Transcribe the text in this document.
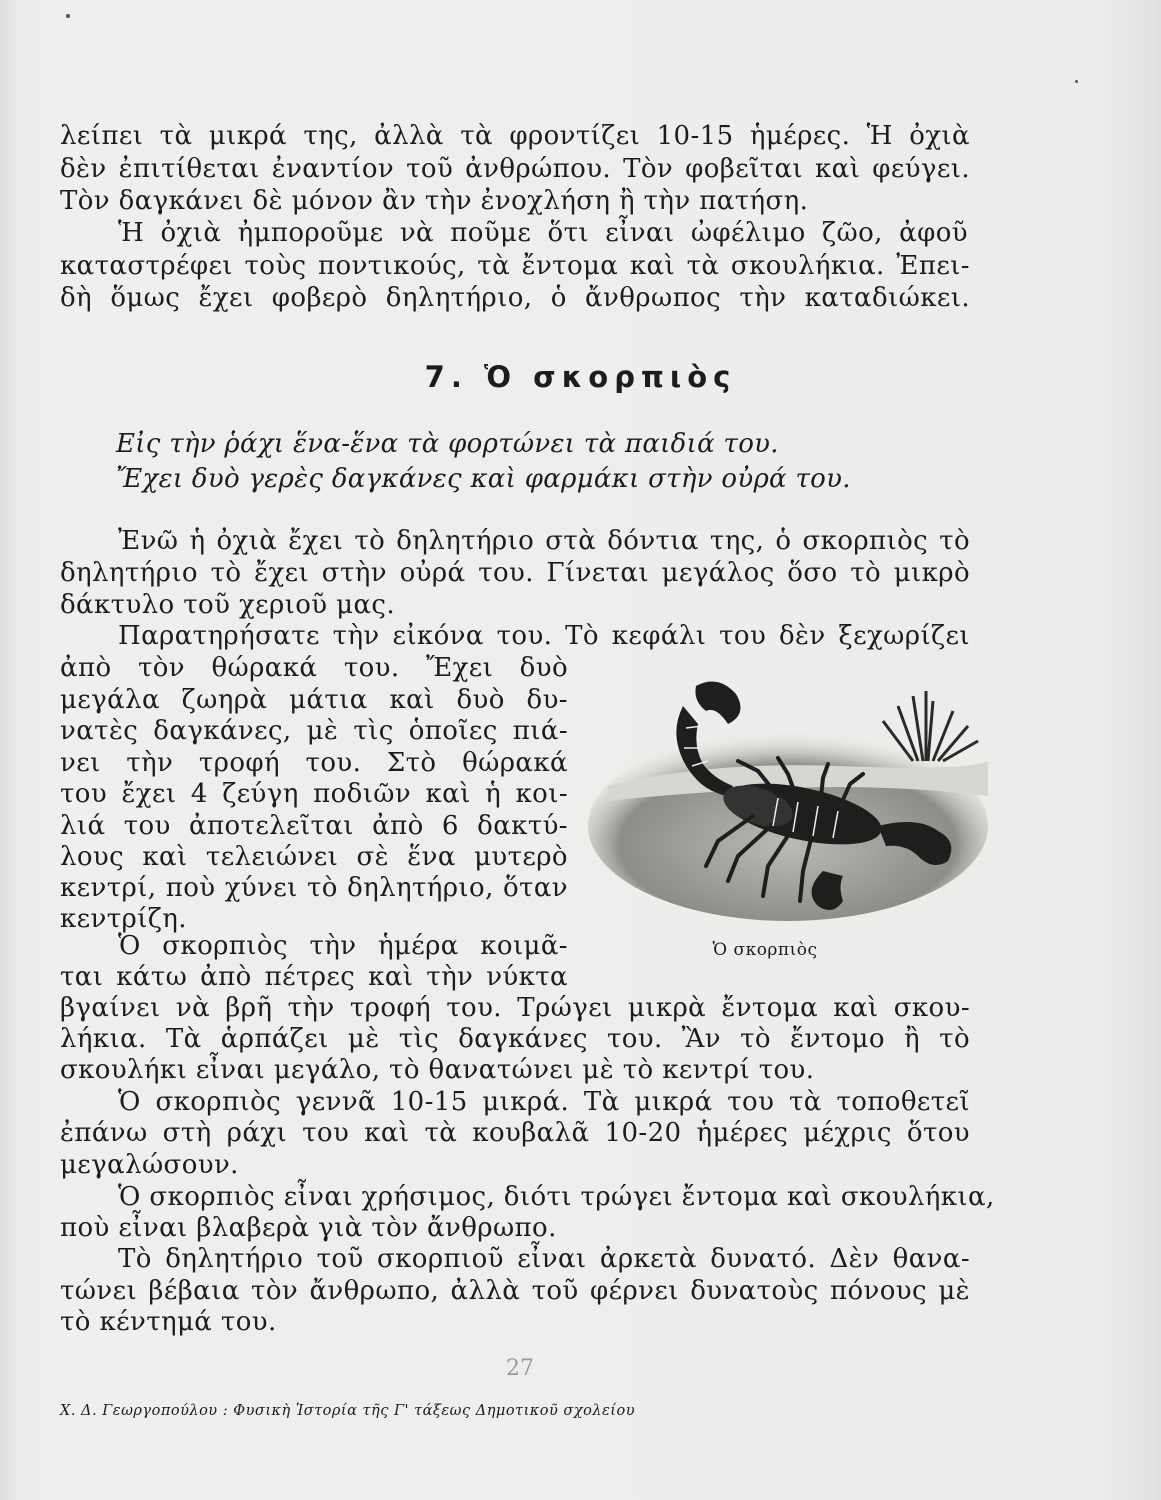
λείπει τὰ μικρά της, ἀλλὰ τὰ φροντίζει 10-15 ἡμέρες. Ἡ ὀχιὰ
δὲν ἐπιτίθεται ἐναντίον τοῦ ἀνθρώπου. Τὸν φοβεῖται καὶ φεύγει.
Τὸν δαγκάνει δὲ μόνον ἂν τὴν ἐνοχλήση ἢ τὴν πατήση.
Ἡ ὀχιὰ ἠμποροῦμε νὰ ποῦμε ὅτι εἶναι ὠφέλιμο ζῶο, ἀφοῦ
καταστρέφει τοὺς ποντικούς, τὰ ἔντομα καὶ τὰ σκουλήκια. Ἐπει-
δὴ ὅμως ἔχει φοβερὸ δηλητήριο, ὁ ἄνθρωπος τὴν καταδιώκει.
7. Ὁ σκορπιὸς
Εἰς τὴν ῥάχι ἕνα-ἕνα τὰ φορτώνει τὰ παιδιά του.
Ἔχει δυὸ γερὲς δαγκάνες καὶ φαρμάκι στὴν οὐρά του.
Ἐνῶ ἡ ὀχιὰ ἔχει τὸ δηλητήριο στὰ δόντια της, ὁ σκορπιὸς τὸ
δηλητήριο τὸ ἔχει στὴν οὐρά του. Γίνεται μεγάλος ὅσο τὸ μικρὸ
δάκτυλο τοῦ χεριοῦ μας.
Παρατηρήσατε τὴν εἰκόνα του. Τὸ κεφάλι του δὲν ξεχωρίζει
ἀπὸ τὸν θώρακά του. Ἔχει δυὸ
μεγάλα ζωηρὰ μάτια καὶ δυὸ δυ-
νατὲς δαγκάνες, μὲ τὶς ὁποῖες πιά-
νει τὴν τροφή του. Στὸ θώρακά
του ἔχει 4 ζεύγη ποδιῶν καὶ ἡ κοι-
λιά του ἀποτελεῖται ἀπὸ 6 δακτύ-
λους καὶ τελειώνει σὲ ἕνα μυτερὸ
κεντρί, ποὺ χύνει τὸ δηλητήριο, ὅταν
κεντρίζη.
Ὁ σκορπιὸς τὴν ἡμέρα κοιμᾶ-
ται κάτω ἀπὸ πέτρες καὶ τὴν νύκτα
Ὁ σκορπιὸς
βγαίνει νὰ βρῆ τὴν τροφή του. Τρώγει μικρὰ ἔντομα καὶ σκου-
λήκια. Τὰ ἁρπάζει μὲ τὶς δαγκάνες του. Ἂν τὸ ἔντομο ἢ τὸ
σκουλήκι εἶναι μεγάλο, τὸ θανατώνει μὲ τὸ κεντρί του.
Ὁ σκορπιὸς γεννᾶ 10-15 μικρά. Τὰ μικρά του τὰ τοποθετεῖ
ἐπάνω στὴ ράχι του καὶ τὰ κουβαλᾶ 10-20 ἡμέρες μέχρις ὅτου
μεγαλώσουν.
Ὁ σκορπιὸς εἶναι χρήσιμος, διότι τρώγει ἔντομα καὶ σκουλήκια,
ποὺ εἶναι βλαβερὰ γιὰ τὸν ἄνθρωπο.
Τὸ δηλητήριο τοῦ σκορπιοῦ εἶναι ἀρκετὰ δυνατό. Δὲν θανα-
τώνει βέβαια τὸν ἄνθρωπο, ἀλλὰ τοῦ φέρνει δυνατοὺς πόνους μὲ
τὸ κέντημά του.
27
Χ. Δ. Γεωργοπούλου : Φυσικὴ Ἱστορία τῆς Γ' τάξεως Δημοτικοῦ σχολείου
